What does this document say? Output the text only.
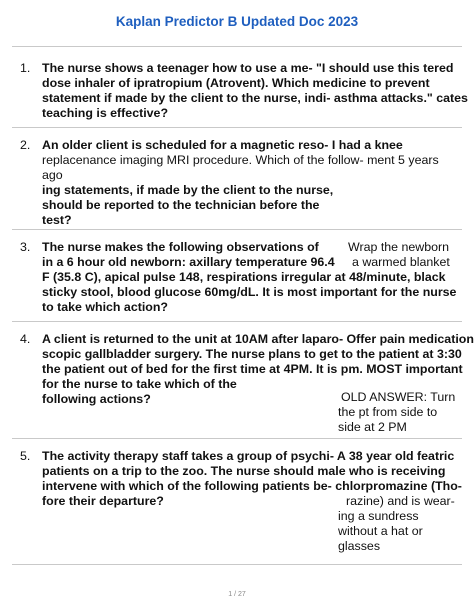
Kaplan Predictor B Updated Doc 2023
1. The nurse shows a teenager how to use a me- "I should use this tered
dose inhaler of ipratropium (Atrovent). Which medicine to prevent
statement if made by the client to the nurse, indi- asthma attacks." cates
teaching is effective?
2. An older client is scheduled for a magnetic reso- I had a knee
replacenance imaging MRI procedure. Which of the follow- ment 5 years
ago
ing statements, if made by the client to the nurse,
should be reported to the technician before the
test?
3. The nurse makes the following observations of
in a 6 hour old newborn: axillary temperature 96.4
F (35.8 C), apical pulse 148, respirations irregular at 48/minute, black
sticky stool, blood glucose 60mg/dL. It is most important for the nurse
to take which action?
Wrap the newborn
a warmed blanket
4. A client is returned to the unit at 10AM after laparo- Offer pain medication
scopic gallbladder surgery. The nurse plans to get to the patient at 3:30
the patient out of bed for the first time at 4PM. It is pm. MOST important
for the nurse to take which of the
following actions?	OLD ANSWER: Turn
the pt from side to
side at 2 PM
5. The activity therapy staff takes a group of psychi- A 38 year old featric
patients on a trip to the zoo. The nurse should male who is receiving
intervene with which of the following patients be- chlorpromazine (Tho-
fore their departure?	razine) and is wear-
ing a sundress
without a hat or
glasses
1 / 27
